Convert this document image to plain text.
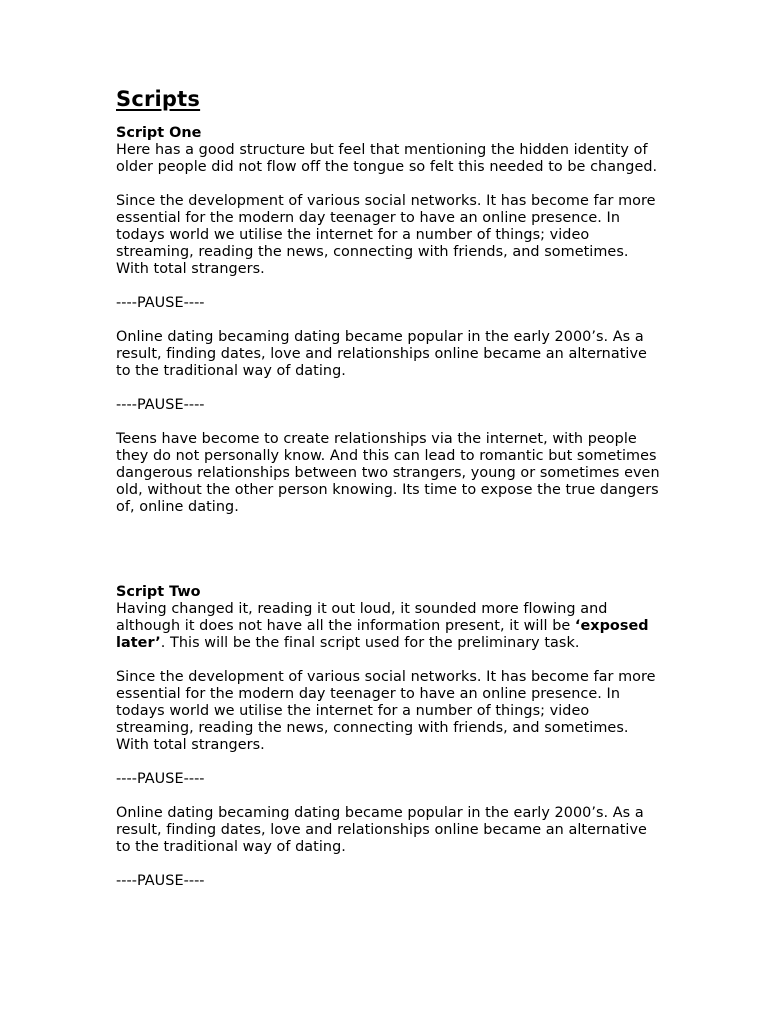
Scripts
Script One

Here has a good structure but feel that mentioning the hidden identity of older people did not flow off the tongue so felt this needed to be changed.

Since the development of various social networks. It has become far more essential for the modern day teenager to have an online presence. In todays world we utilise the internet for a number of things; video streaming, reading the news, connecting with friends, and sometimes. With total strangers.

----PAUSE----

Online dating becaming dating became popular in the early 2000’s. As a result, finding dates, love and relationships online became an alternative to the traditional way of dating.

----PAUSE----

Teens have become to create relationships via the internet, with people they do not personally know. And this can lead to romantic but sometimes dangerous relationships between two strangers, young or sometimes even old, without the other person knowing. Its time to expose the true dangers of, online dating.

Script Two

Having changed it, reading it out loud, it sounded more flowing and although it does not have all the information present, it will be ‘exposed later’. This will be the final script used for the preliminary task.

Since the development of various social networks. It has become far more essential for the modern day teenager to have an online presence. In todays world we utilise the internet for a number of things; video streaming, reading the news, connecting with friends, and sometimes. With total strangers.

----PAUSE----

Online dating becaming dating became popular in the early 2000’s. As a result, finding dates, love and relationships online became an alternative to the traditional way of dating.

----PAUSE----
